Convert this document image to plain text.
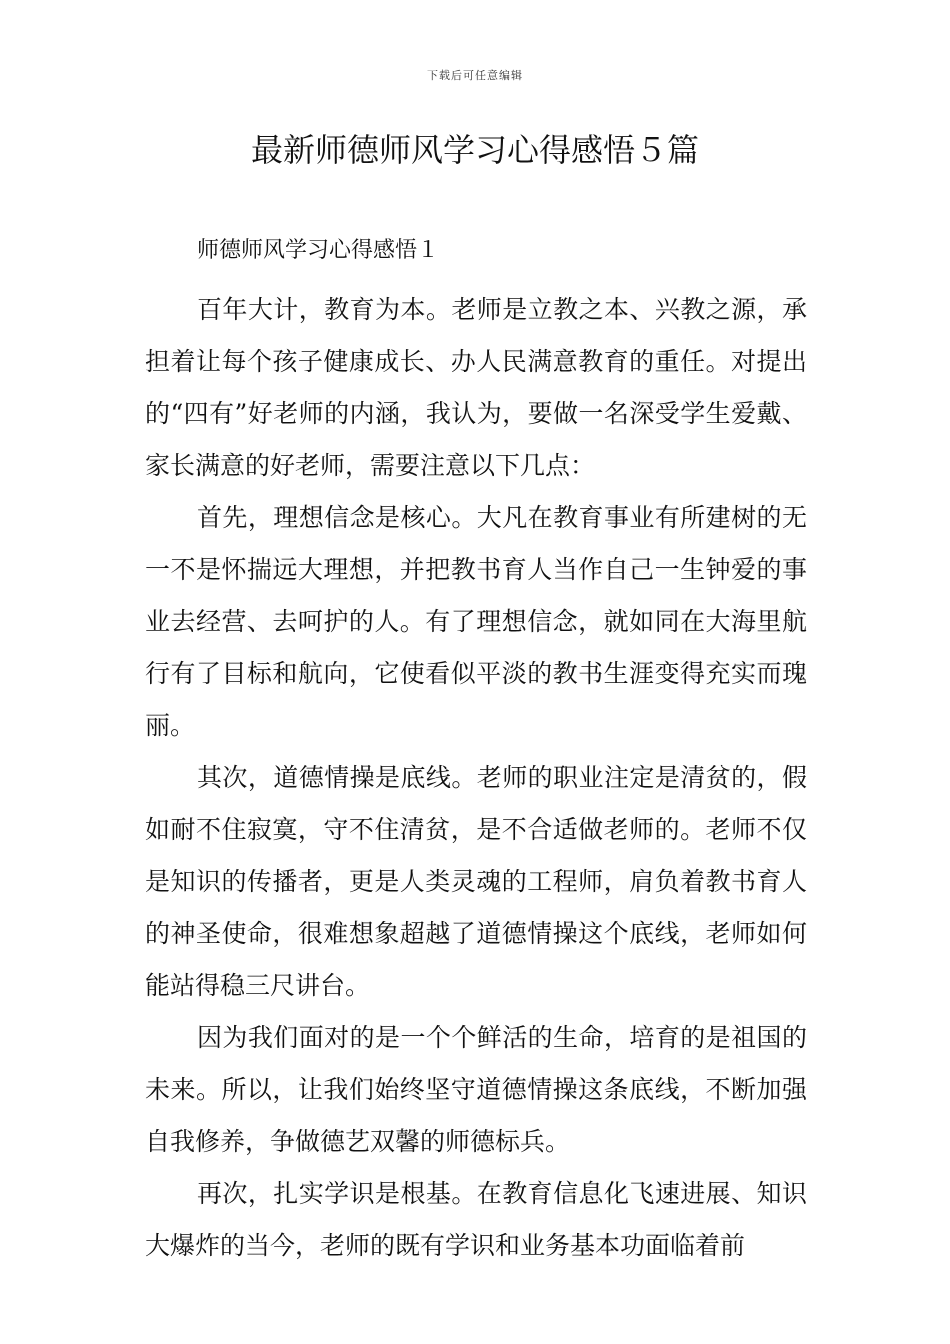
下载后可任意编辑
最新师德师风学习心得感悟５篇
师德师风学习心得感悟１

百年大计，教育为本。老师是立教之本、兴教之源，承担着让每个孩子健康成长、办人民满意教育的重任。对提出的“四有”好老师的内涵，我认为，要做一名深受学生爱戴、家长满意的好老师，需要注意以下几点：

首先，理想信念是核心。大凡在教育事业有所建树的无一不是怀揣远大理想，并把教书育人当作自己一生钟爱的事业去经营、去呵护的人。有了理想信念，就如同在大海里航行有了目标和航向，它使看似平淡的教书生涯变得充实而瑰丽。

其次，道德情操是底线。老师的职业注定是清贫的，假如耐不住寂寞，守不住清贫，是不合适做老师的。老师不仅是知识的传播者，更是人类灵魂的工程师，肩负着教书育人的神圣使命，很难想象超越了道德情操这个底线，老师如何能站得稳三尺讲台。

因为我们面对的是一个个鲜活的生命，培育的是祖国的未来。所以，让我们始终坚守道德情操这条底线，不断加强自我修养，争做德艺双馨的师德标兵。

再次，扎实学识是根基。在教育信息化飞速进展、知识大爆炸的当今，老师的既有学识和业务基本功面临着前
